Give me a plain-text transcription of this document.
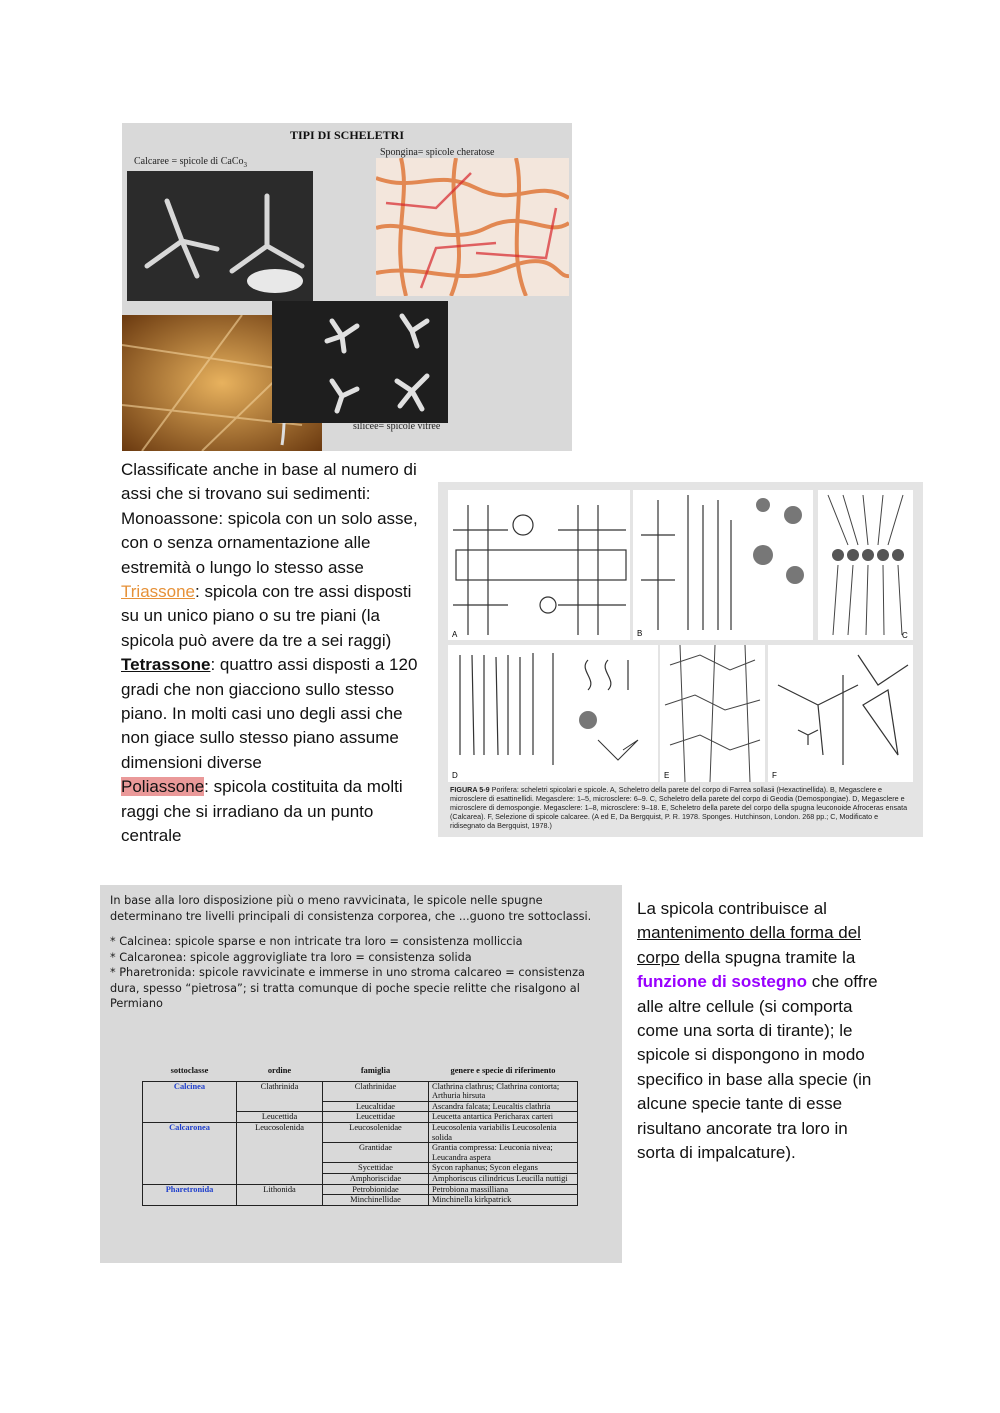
TIPI DI SCHELETRI
Calcaree = spicole di CaCo$_3$
Spongina= spicole cheratose
silicee= spicole vitree

Classificate anche in base al numero di assi che si trovano sui sedimenti:

Monoassone: spicola con un solo asse, con o senza ornamentazione alle estremità o lungo lo stesso asse

Triassone: spicola con tre assi disposti su un unico piano o su tre piani (la spicola può avere da tre a sei raggi)

Tetrassone: quattro assi disposti a 120 gradi che non giacciono sullo stesso piano. In molti casi uno degli assi che non giace sullo stesso piano assume dimensioni diverse

Poliassone: spicola costituita da molti raggi che si irradiano da un punto centrale

A	B	C
D	E	F
FIGURA 5-9 Porifera: scheletri spicolari e spicole. A, Scheletro della parete del corpo di Farrea sollasii (Hexactinellida). B, Megasclere e microsclere di esattinellidi. Megasclere: 1–5, microsclere: 6–9. C, Scheletro della parete del corpo di Geodia (Demospongiae). D, Megasclere e microsclere di demospongie. Megasclere: 1–8, microsclere: 9–18. E, Scheletro della parete del corpo della spugna leuconoide Afroceras ensata (Calcarea). F, Selezione di spicole calcaree. (A ed E, Da Bergquist, P. R. 1978. Sponges. Hutchinson, London. 268 pp.; C, Modificato e ridisegnato da Bergquist, 1978.)

In base alla loro disposizione più o meno ravvicinata, le spicole nelle spugne determinano tre livelli principali di consistenza corporea, che ...guono tre sottoclassi.

* Calcinea: spicole sparse e non intricate tra loro = consistenza molliccia

* Calcaronea: spicole aggrovigliate tra loro = consistenza solida

* Pharetronida: spicole ravvicinate e immerse in uno stroma calcareo = consistenza dura, spesso “pietrosa”; si tratta comunque di poche specie relitte che risalgono al Permiano

sottoclasse	ordine	famiglia	genere e specie di riferimento
Calcinea	Clathrinida	Clathrinidae	Clathrina clathrus; Clathrina contorta; Arthuria hirsuta
		Leucaltidae	Ascandra falcata; Leucaltis clathria
	Leucettida	Leucettidae	Leucetta antartica Pericharax carteri
Calcaronea	Leucosolenida	Leucosolenidae	Leucosolenia variabilis Leucosolenia solida
		Grantidae	Grantia compressa: Leuconia nivea; Leucandra aspera
		Sycettidae	Sycon raphanus; Sycon elegans
		Amphoriscidae	Amphoriscus cilindricus Leucilla nuttigi
Pharetronida	Lithonida	Petrobionidae	Petrobiona massilliana
		Minchinellidae	Minchinella kirkpatrick

La spicola contribuisce al mantenimento della forma del corpo della spugna tramite la funzione di sostegno che offre alle altre cellule (si comporta come una sorta di tirante); le spicole si dispongono in modo specifico in base alla specie (in alcune specie tante di esse risultano ancorate tra loro in sorta di impalcature).
